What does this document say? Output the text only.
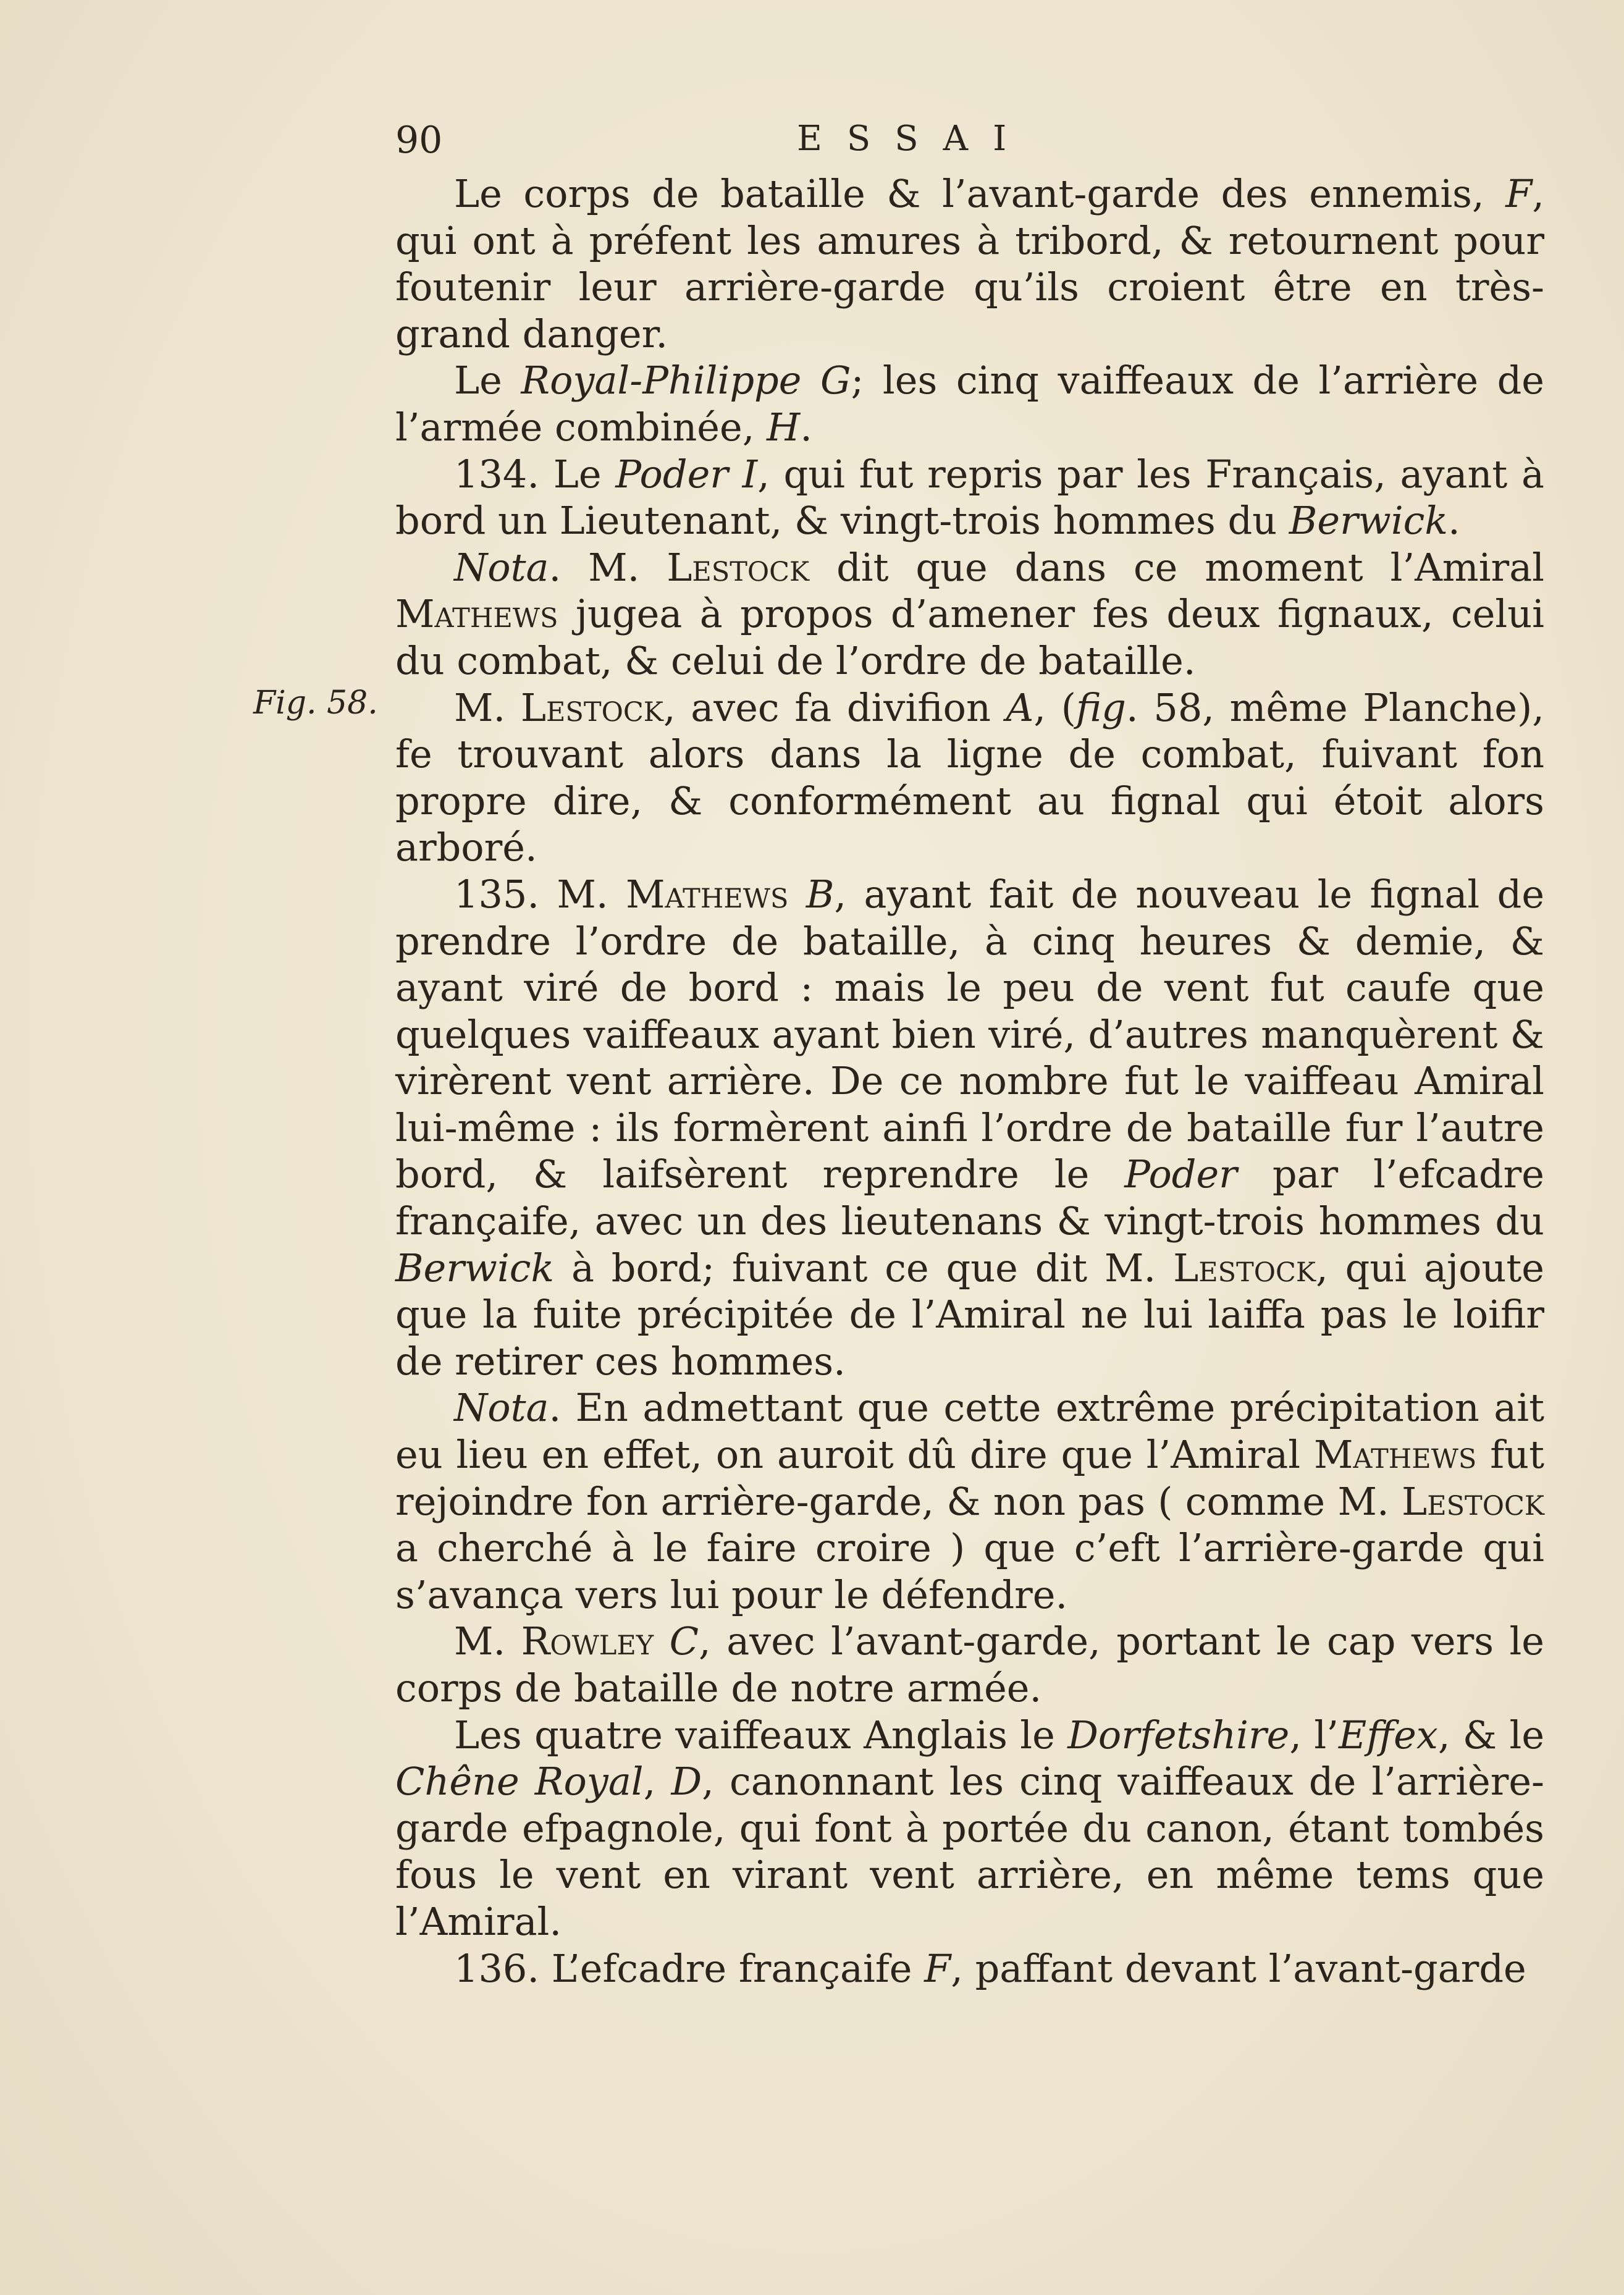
90	ESSAI
Fig. 58.

Le corps de bataille & l’avant-garde des ennemis, F, qui ont à préfent les amures à tribord, & retournent pour foutenir leur arrière-garde qu’ils croient être en très-grand danger.

Le Royal-Philippe G; les cinq vaiffeaux de l’arrière de l’armée combinée, H.

134. Le Poder I, qui fut repris par les Français, ayant à bord un Lieutenant, & vingt-trois hommes du Berwick.

Nota. M. Lestock dit que dans ce moment l’Amiral Mathews jugea à propos d’amener fes deux fignaux, celui du combat, & celui de l’ordre de bataille.

M. Lestock, avec fa divifion A, (fig. 58, même Planche), fe trouvant alors dans la ligne de combat, fuivant fon propre dire, & conformément au fignal qui étoit alors arboré.

135. M. Mathews B, ayant fait de nouveau le fignal de prendre l’ordre de bataille, à cinq heures & demie, & ayant viré de bord : mais le peu de vent fut caufe que quelques vaiffeaux ayant bien viré, d’autres manquèrent & virèrent vent arrière. De ce nombre fut le vaiffeau Amiral lui-même : ils formèrent ainfi l’ordre de bataille fur l’autre bord, & laifsèrent reprendre le Poder par l’efcadre françaife, avec un des lieutenans & vingt-trois hommes du Berwick à bord; fuivant ce que dit M. Lestock, qui ajoute que la fuite précipitée de l’Amiral ne lui laiffa pas le loifir de retirer ces hommes.

Nota. En admettant que cette extrême précipitation ait eu lieu en effet, on auroit dû dire que l’Amiral Mathews fut rejoindre fon arrière-garde, & non pas ( comme M. Lestock a cherché à le faire croire ) que c’eft l’arrière-garde qui s’avança vers lui pour le défendre.

M. Rowley C, avec l’avant-garde, portant le cap vers le corps de bataille de notre armée.

Les quatre vaiffeaux Anglais le Dorfetshire, l’Effex, & le Chêne Royal, D, canonnant les cinq vaiffeaux de l’arrière-garde efpagnole, qui font à portée du canon, étant tombés fous le vent en virant vent arrière, en même tems que l’Amiral.

136. L’efcadre françaife F, paffant devant l’avant-garde
